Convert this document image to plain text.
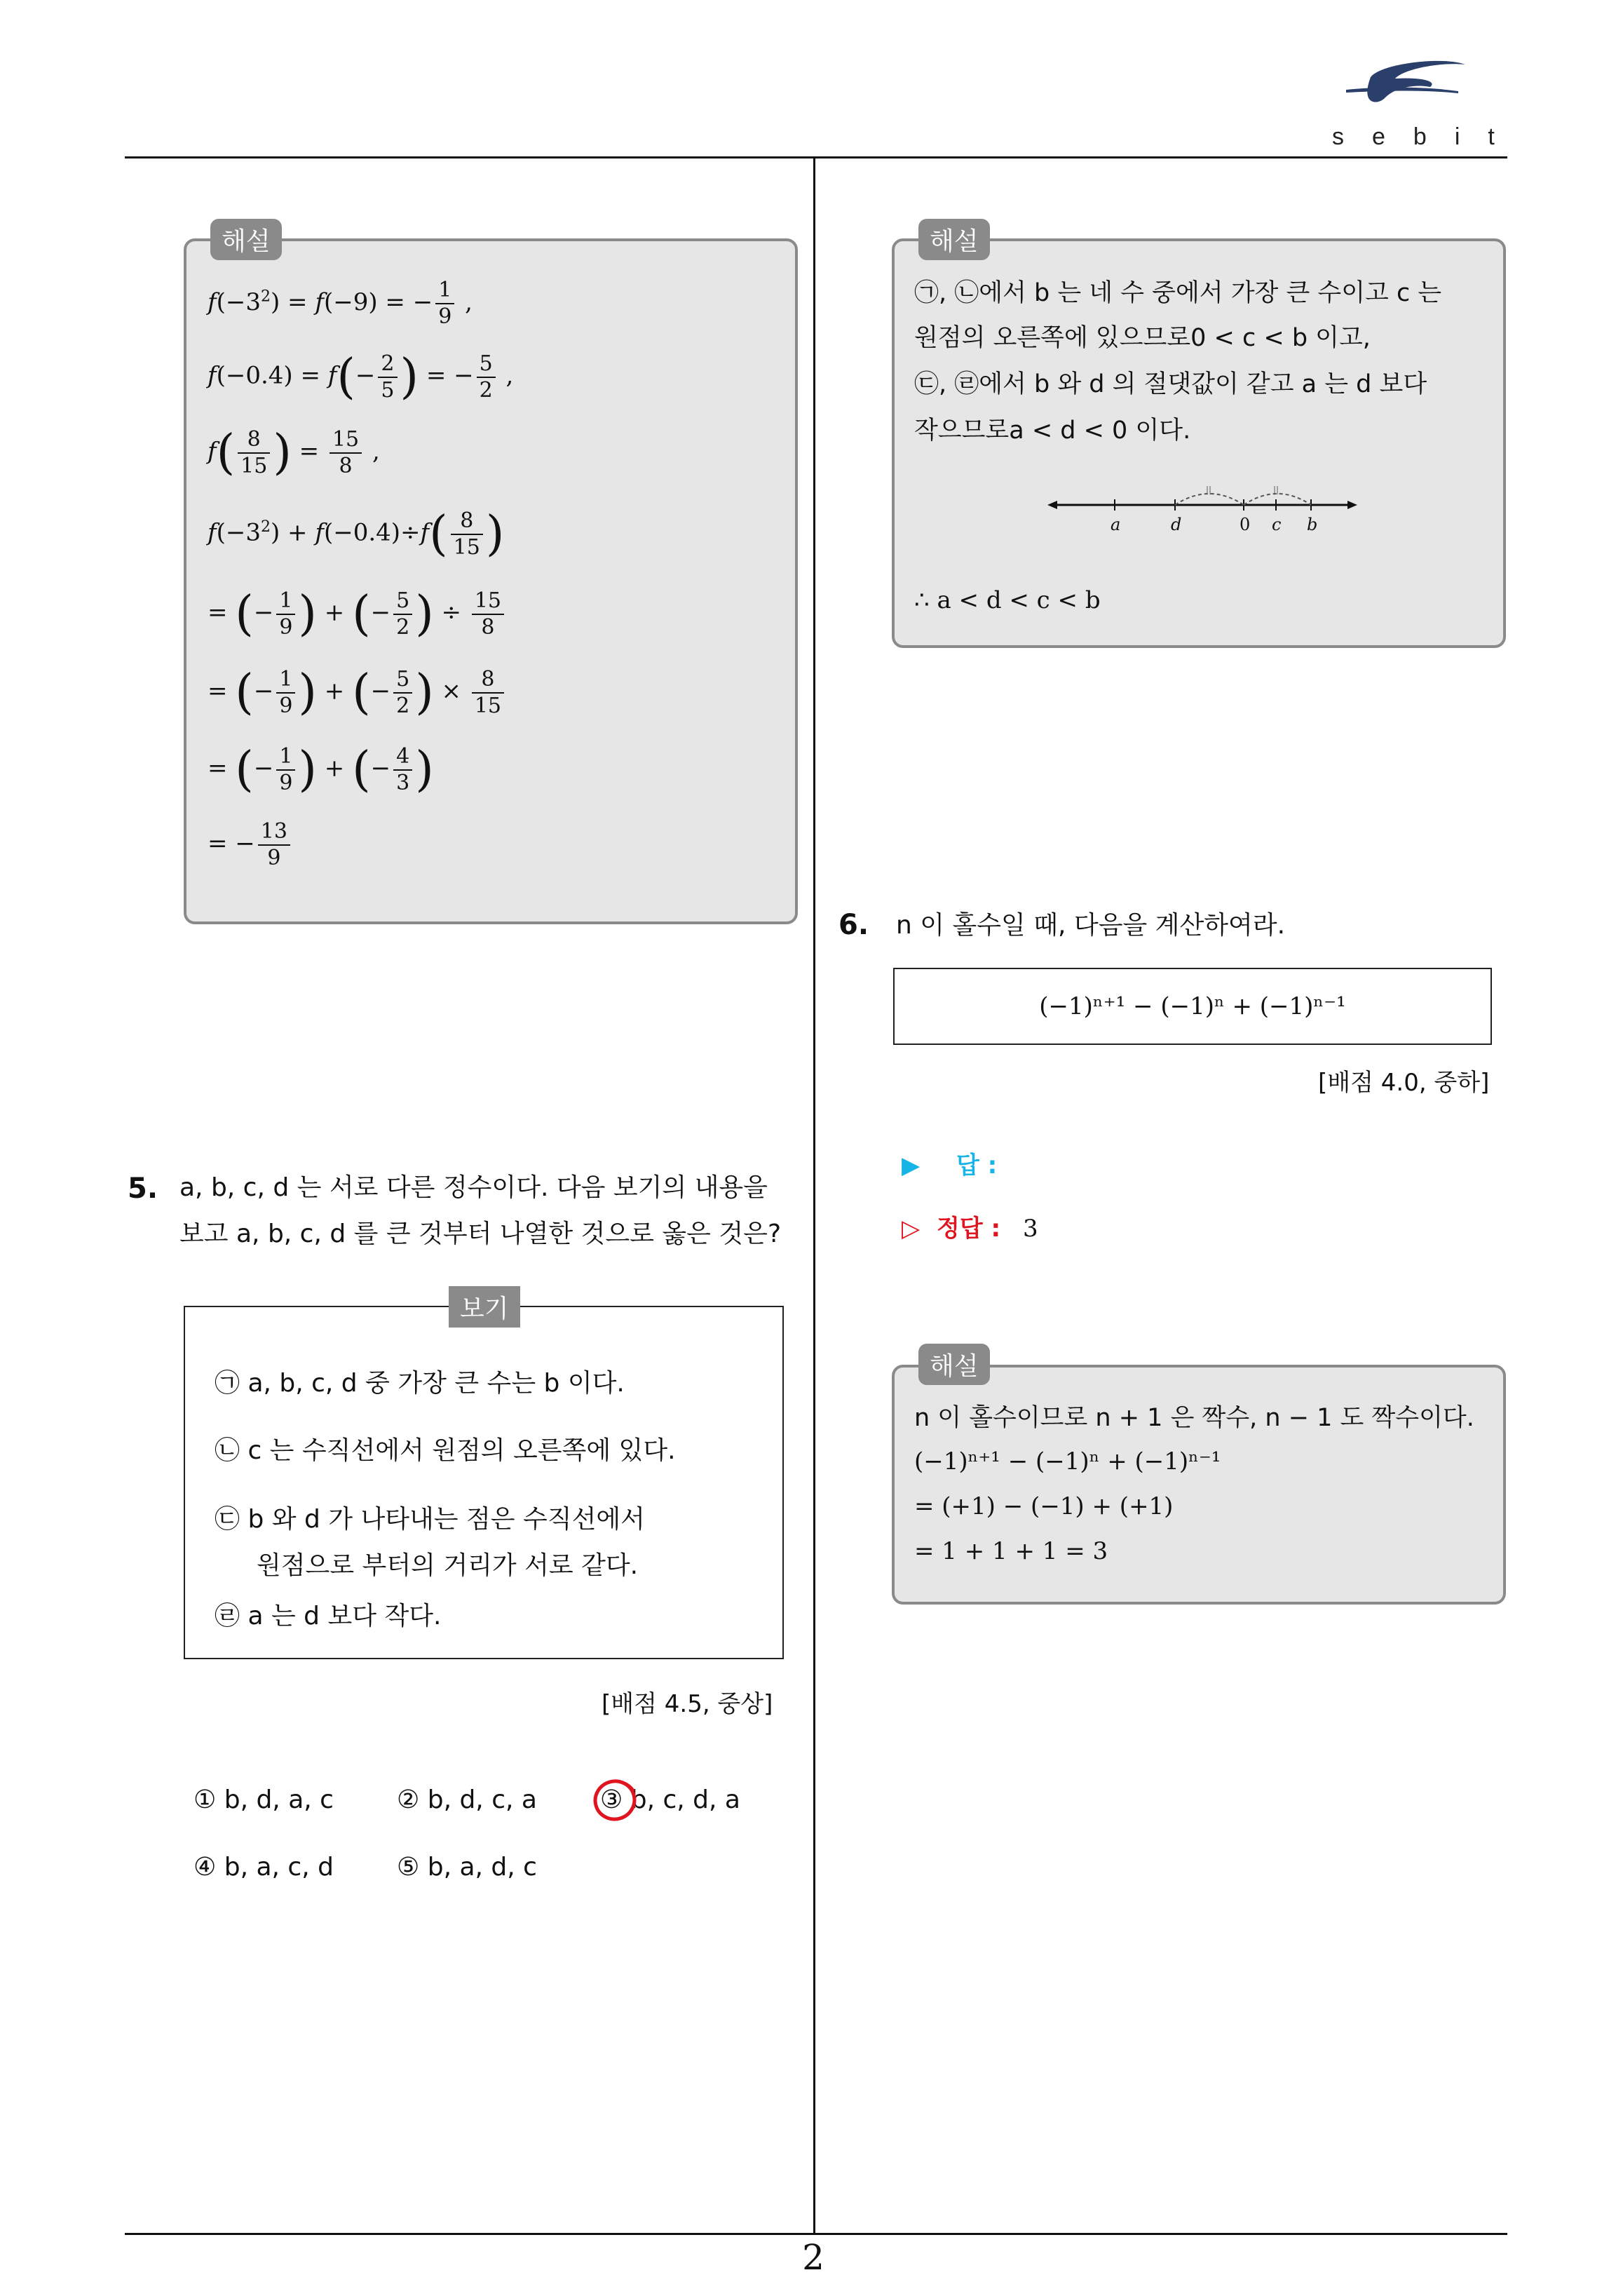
sebit
해설
$f(-3^2) = f(-9)$ = − $\frac{1}{9}$ ,
$f(-0.4) = f(- \frac{2}{5}$ ) = − $\frac{5}{2}$ ,
$f( \frac{8}{15}$ ) = $\frac{15}{8}$ ,
$f(-3^2) + f(-0.4)\div f( \frac{8}{15}$ )
= (− $\frac{1}{9}$ ) + (− $\frac{5}{2}$ ) ÷ $\frac{15}{8}$
= (− $\frac{1}{9}$ ) + (− $\frac{5}{2}$ ) × $\frac{8}{15}$
= (− $\frac{1}{9}$ ) + (− $\frac{4}{3}$ )
= − $\frac{13}{9}$
5. a, b, c, d 는 서로 다른 정수이다. 다음 보기의 내용을
보고 a, b, c, d 를 큰 것부터 나열한 것으로 옳은 것은?
보기
㉠ a, b, c, d 중 가장 큰 수는 b 이다.
㉡ c 는 수직선에서 원점의 오른쪽에 있다.
㉢ b 와 d 가 나타내는 점은 수직선에서
원점으로 부터의 거리가 서로 같다.
㉣ a 는 d 보다 작다.
[배점 4.5, 중상]
① b, d, a, c	② b, d, c, a	③ b, c, d, a
④ b, a, c, d	⑤ b, a, d, c
해설
㉠, ㉡에서 b 는 네 수 중에서 가장 큰 수이고 c 는
원점의 오른쪽에 있으므로0 < c < b 이고,
㉢, ㉣에서 b 와 d 의 절댓값이 같고 a 는 d 보다
작으므로a < d < 0 이다.
||	||
a	d	0 c b
∴ a < d < c < b
6. n 이 홀수일 때, 다음을 계산하여라.
(−1)ⁿ⁺¹ − (−1)ⁿ + (−1)ⁿ⁻¹
[배점 4.0, 중하]
▶ 답 :
▷ 정답 : 3
해설
n 이 홀수이므로 n + 1 은 짝수, n − 1 도 짝수이다.
(−1)ⁿ⁺¹ − (−1)ⁿ + (−1)ⁿ⁻¹
= (+1) − (−1) + (+1)
= 1 + 1 + 1 = 3
2
